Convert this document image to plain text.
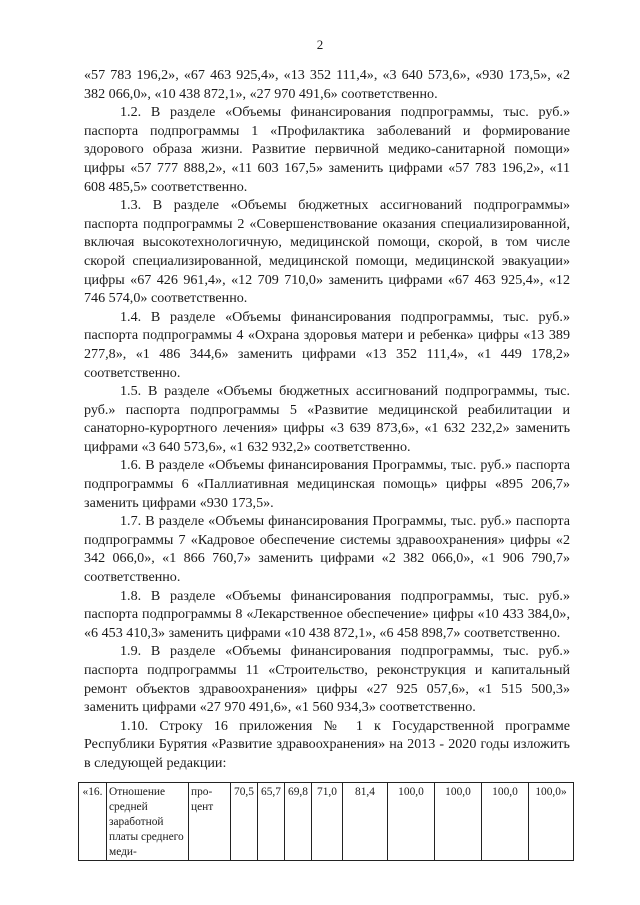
2

«57 783 196,2», «67 463 925,4», «13 352 111,4», «3 640 573,6», «930 173,5», «2 382 066,0», «10 438 872,1», «27 970 491,6» соответственно.

1.2. В разделе «Объемы финансирования подпрограммы, тыс. руб.» паспорта подпрограммы 1 «Профилактика заболеваний и формирование здорового образа жизни. Развитие первичной медико-санитарной помощи» цифры «57 777 888,2», «11 603 167,5» заменить цифрами «57 783 196,2», «11 608 485,5» соответственно.

1.3. В разделе «Объемы бюджетных ассигнований подпрограммы» паспорта подпрограммы 2 «Совершенствование оказания специализированной, включая высокотехнологичную, медицинской помощи, скорой, в том числе скорой специализированной, медицинской помощи, медицинской эвакуации» цифры «67 426 961,4», «12 709 710,0» заменить цифрами «67 463 925,4», «12 746 574,0» соответственно.

1.4. В разделе «Объемы финансирования подпрограммы, тыс. руб.» паспорта подпрограммы 4 «Охрана здоровья матери и ребенка» цифры «13 389 277,8», «1 486 344,6» заменить цифрами «13 352 111,4», «1 449 178,2» соответственно.

1.5. В разделе «Объемы бюджетных ассигнований подпрограммы, тыс. руб.» паспорта подпрограммы 5 «Развитие медицинской реабилитации и санаторно-курортного лечения» цифры «3 639 873,6», «1 632 232,2» заменить цифрами «3 640 573,6», «1 632 932,2» соответственно.

1.6. В разделе «Объемы финансирования Программы, тыс. руб.» паспорта подпрограммы 6 «Паллиативная медицинская помощь» цифры «895 206,7» заменить цифрами «930 173,5».

1.7. В разделе «Объемы финансирования Программы, тыс. руб.» паспорта подпрограммы 7 «Кадровое обеспечение системы здравоохранения» цифры «2 342 066,0», «1 866 760,7» заменить цифрами «2 382 066,0», «1 906 790,7» соответственно.

1.8. В разделе «Объемы финансирования подпрограммы, тыс. руб.» паспорта подпрограммы 8 «Лекарственное обеспечение» цифры «10 433 384,0», «6 453 410,3» заменить цифрами «10 438 872,1», «6 458 898,7» соответственно.

1.9. В разделе «Объемы финансирования подпрограммы, тыс. руб.» паспорта подпрограммы 11 «Строительство, реконструкция и капитальный ремонт объектов здравоохранения» цифры «27 925 057,6», «1 515 500,3» заменить цифрами «27 970 491,6», «1 560 934,3» соответственно.

1.10. Строку 16 приложения № 1 к Государственной программе Республики Бурятия «Развитие здравоохранения» на 2013 - 2020 годы изложить в следующей редакции:

«16.	Отношение средней заработной платы среднего меди-	про- цент	70,5	65,7	69,8	71,0	81,4	100,0	100,0	100,0	100,0»
